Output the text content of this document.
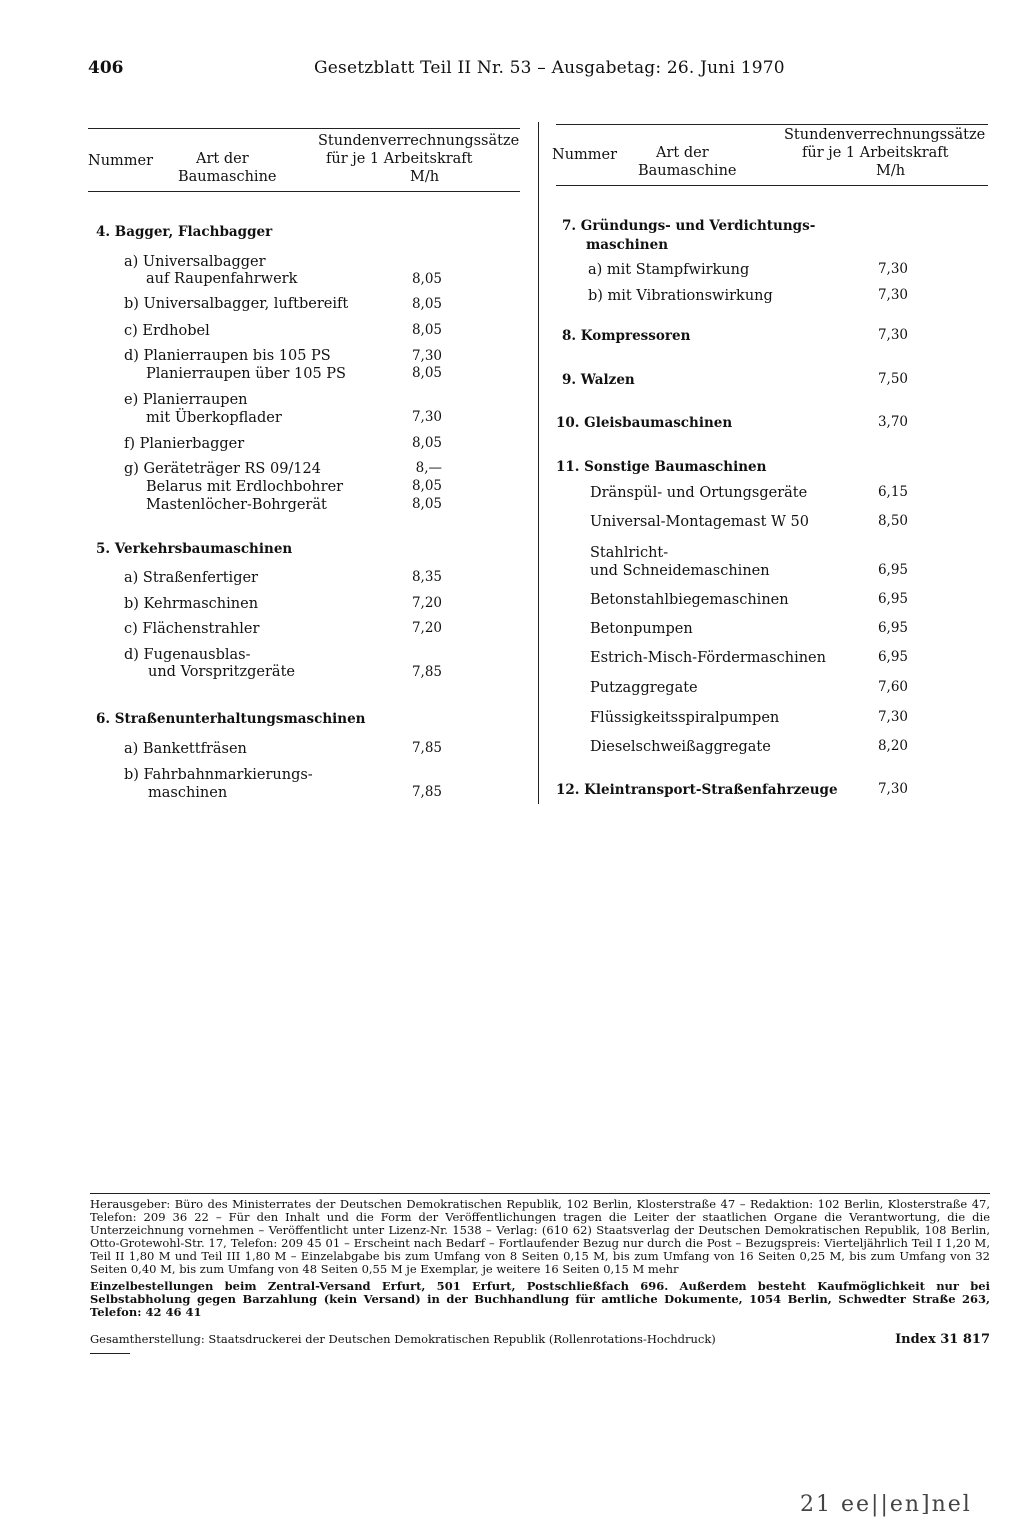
406	Gesetzblatt Teil II Nr. 53 – Ausgabetag: 26. Juni 1970
Nummer	Art der
Baumaschine
Stundenverrechnungssätze
für je 1 Arbeitskraft
M/h
Nummer	Art der
Baumaschine
Stundenverrechnungssätze
für je 1 Arbeitskraft
M/h
4. Bagger, Flachbagger
a) Universalbagger
auf Raupenfahrwerk	8,05
b) Universalbagger, luftbereift	8,05
c) Erdhobel	8,05
d) Planierraupen bis 105 PS	7,30
Planierraupen über 105 PS	8,05
e) Planierraupen
mit Überkopflader	7,30
f) Planierbagger	8,05
g) Geräteträger RS 09/124	8,—
Belarus mit Erdlochbohrer	8,05
Mastenlöcher-Bohrgerät	8,05
5. Verkehrsbaumaschinen
a) Straßenfertiger	8,35
b) Kehrmaschinen	7,20
c) Flächenstrahler	7,20
d) Fugenausblas-
und Vorspritzgeräte	7,85
6. Straßenunterhaltungsmaschinen
a) Bankettfräsen	7,85
b) Fahrbahnmarkierungs-
maschinen	7,85
7. Gründungs- und Verdichtungs-
maschinen
a) mit Stampfwirkung	7,30
b) mit Vibrationswirkung	7,30
8. Kompressoren	7,30
9. Walzen	7,50
10. Gleisbaumaschinen	3,70
11. Sonstige Baumaschinen
Dränspül- und Ortungsgeräte	6,15
Universal-Montagemast W 50	8,50
Stahlricht-
und Schneidemaschinen	6,95
Betonstahlbiegemaschinen	6,95
Betonpumpen	6,95
Estrich-Misch-Fördermaschinen	6,95
Putzaggregate	7,60
Flüssigkeitsspiralpumpen	7,30
Dieselschweißaggregate	8,20
12. Kleintransport-Straßenfahrzeuge	7,30

Herausgeber: Büro des Ministerrates der Deutschen Demokratischen Republik, 102 Berlin, Klosterstraße 47 – Redaktion: 102 Berlin, Klosterstraße 47, Telefon: 209 36 22 – Für den Inhalt und die Form der Veröffentlichungen tragen die Leiter der staatlichen Organe die Verantwortung, die die Unterzeichnung vornehmen – Veröffentlicht unter Lizenz-Nr. 1538 – Verlag: (610 62) Staatsverlag der Deutschen Demokratischen Republik, 108 Berlin, Otto-Grotewohl-Str. 17, Telefon: 209 45 01 – Erscheint nach Bedarf – Fortlaufender Bezug nur durch die Post – Bezugspreis: Vierteljährlich Teil I 1,20 M, Teil II 1,80 M und Teil III 1,80 M – Einzelabgabe bis zum Umfang von 8 Seiten 0,15 M, bis zum Umfang von 16 Seiten 0,25 M, bis zum Umfang von 32 Seiten 0,40 M, bis zum Umfang von 48 Seiten 0,55 M je Exemplar, je weitere 16 Seiten 0,15 M mehr

Einzelbestellungen beim Zentral-Versand Erfurt, 501 Erfurt, Postschließfach 696. Außerdem besteht Kaufmöglichkeit nur bei Selbstabholung gegen Barzahlung (kein Versand) in der Buchhandlung für amtliche Dokumente, 1054 Berlin, Schwedter Straße 263, Telefon: 42 46 41

Gesamtherstellung: Staatsdruckerei der Deutschen Demokratischen Republik (Rollenrotations-Hochdruck)	Index 31 817
21 ee||en]nel
